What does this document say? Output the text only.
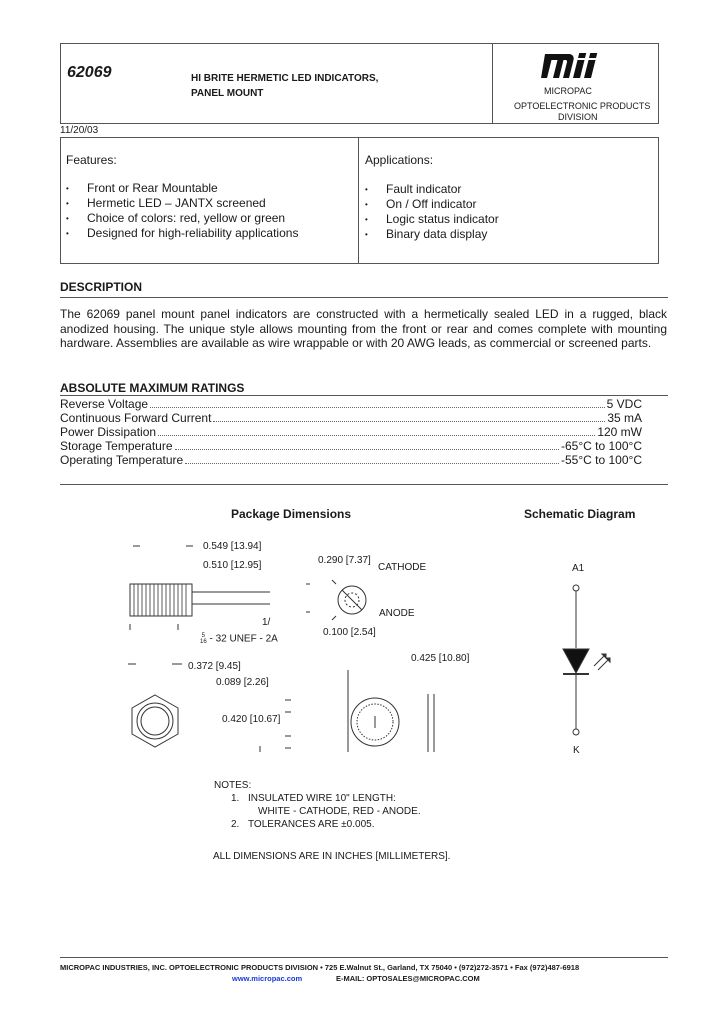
62069	HI BRITE HERMETIC LED INDICATORS,
PANEL MOUNT	MICROPAC
OPTOELECTRONIC PRODUCTS
DIVISION
11/20/03
Features:
• Front or Rear Mountable
• Hermetic LED – JANTX screened
• Choice of colors: red, yellow or green
• Designed for high-reliability applications
Applications:
• Fault indicator
• On / Off indicator
• Logic status indicator
• Binary data display
DESCRIPTION
The 62069 panel mount panel indicators are constructed with a hermetically sealed LED in a rugged, black anodized housing. The unique style allows mounting from the front or rear and comes complete with mounting hardware. Assemblies are available as wire wrappable or with 20 AWG leads, as commercial or screened parts.
ABSOLUTE MAXIMUM RATINGS
Reverse Voltage	5 VDC
Continuous Forward Current	35 mA
Power Dissipation	120 mW
Storage Temperature	-65°C to 100°C
Operating Temperature	-55°C to 100°C
Package Dimensions
0.549 [13.94]
0.510 [12.95]	0.290 [7.37]
CATHODE
ANODE
1/
0.100 [2.54]
5
16 - 32 UNEF - 2A
0.372 [9.45]
0.089 [2.26]
0.425 [10.80]
0.420 [10.67]
Schematic Diagram
A1
K
NOTES:
1. INSULATED WIRE 10" LENGTH:
WHITE - CATHODE, RED - ANODE.
2. TOLERANCES ARE ±0.005.
ALL DIMENSIONS ARE IN INCHES [MILLIMETERS].
MICROPAC INDUSTRIES, INC. OPTOELECTRONIC PRODUCTS DIVISION • 725 E.Walnut St., Garland, TX 75040 • (972)272-3571 • Fax (972)487-6918
www.micropac.com	E-MAIL: OPTOSALES@MICROPAC.COM
